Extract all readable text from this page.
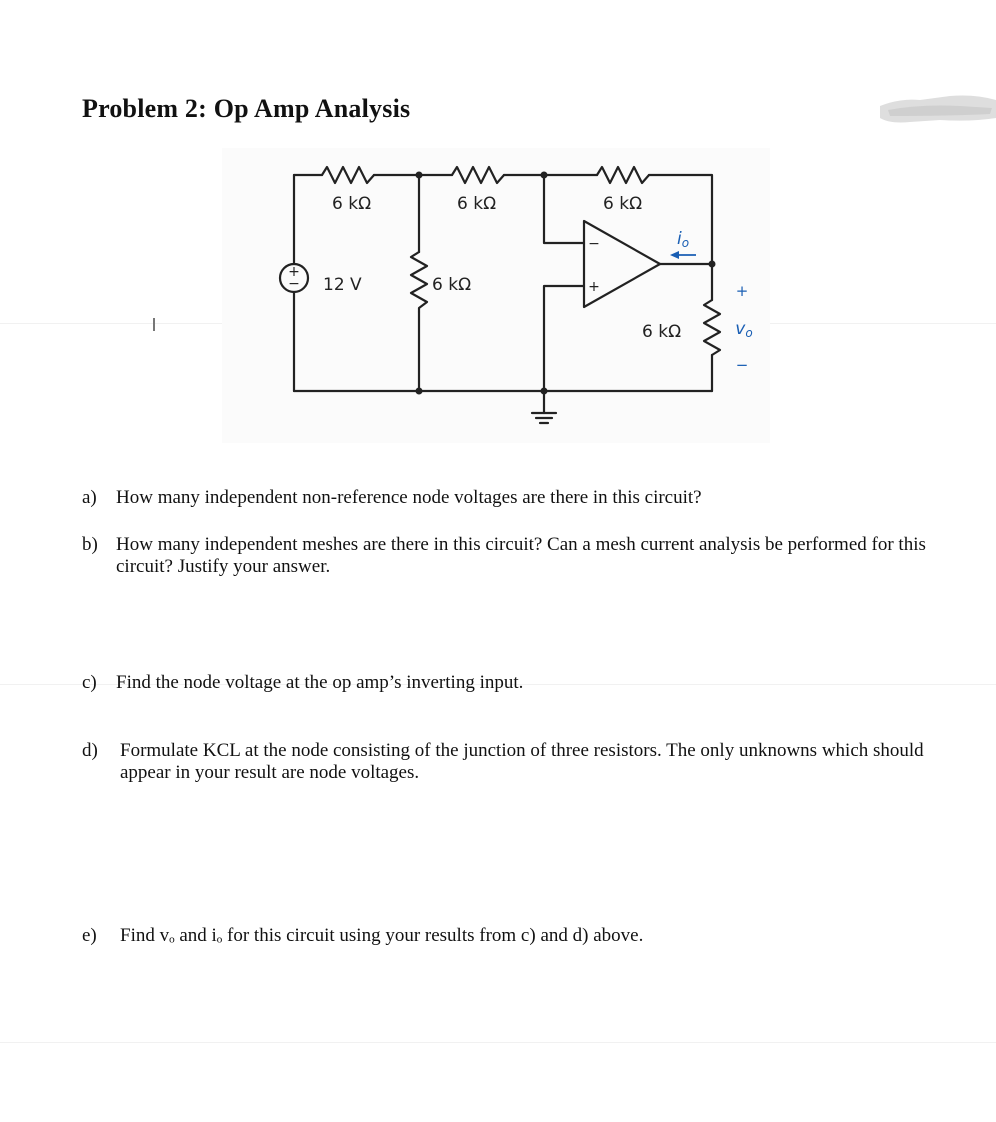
Problem 2: Op Amp Analysis
6 kΩ	6 kΩ	6 kΩ
12 V	6 kΩ
6 kΩ
+
−
−
+
io
+
−
vo
a) How many independent non-reference node voltages are there in this circuit?
b) How many independent meshes are there in this circuit? Can a mesh current analysis be performed for this circuit? Justify your answer.
c) Find the node voltage at the op amp’s inverting input.
d) Formulate KCL at the node consisting of the junction of three resistors. The only unknowns which should appear in your result are node voltages.
e) Find vₒ and iₒ for this circuit using your results from c) and d) above.
